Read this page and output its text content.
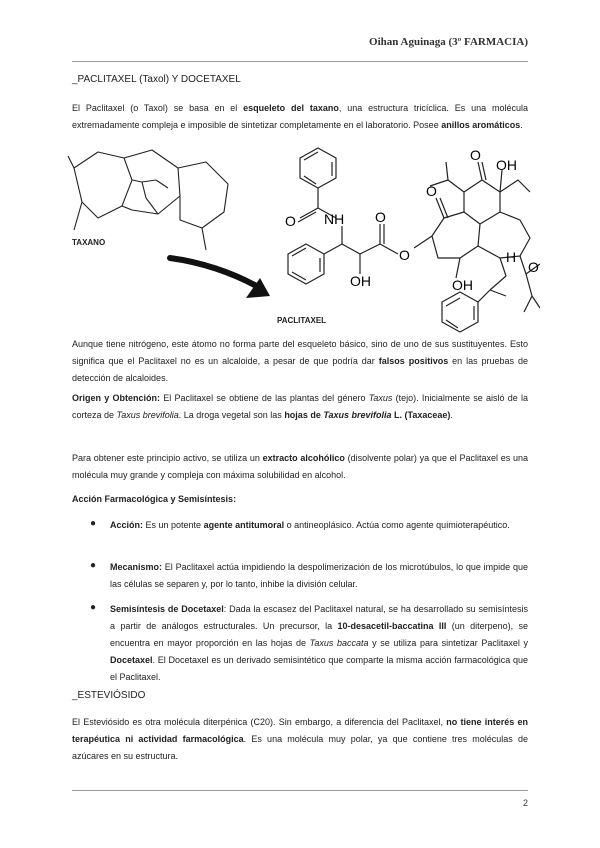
Oihan Aguinaga (3º FARMACIA)
_PACLITAXEL (Taxol) Y DOCETAXEL

El Paclitaxel (o Taxol) se basa en el esqueleto del taxano, una estructura tricíclica. Es una molécula extremadamente compleja e imposible de sintetizar completamente en el laboratorio. Posee anillos aromáticos.

NH
O	O
O
OH
O
O
OH
OH
H
O
TAXANO
PACLITAXEL

Aunque tiene nitrógeno, este átomo no forma parte del esqueleto básico, sino de uno de sus sustituyentes. Esto significa que el Paclitaxel no es un alcaloide, a pesar de que podría dar falsos positivos en las pruebas de detección de alcaloides.

Origen y Obtención: El Paclitaxel se obtiene de las plantas del género Taxus (tejo). Inicialmente se aisló de la corteza de Taxus brevifolia. La droga vegetal son las hojas de Taxus brevifolia L. (Taxaceae).

Para obtener este principio activo, se utiliza un extracto alcohólico (disolvente polar) ya que el Paclitaxel es una molécula muy grande y compleja con máxima solubilidad en alcohol.

Acción Farmacológica y Semisíntesis:
● Acción: Es un potente agente antitumoral o antineoplásico. Actúa como agente quimioterapéutico.

● Mecanismo: El Paclitaxel actúa impidiendo la despolimerización de los microtúbulos, lo que impide que las células se separen y, por lo tanto, inhibe la división celular.

● Semisíntesis de Docetaxel: Dada la escasez del Paclitaxel natural, se ha desarrollado su semisíntesis a partir de análogos estructurales. Un precursor, la 10-desacetil-baccatina III (un diterpeno), se encuentra en mayor proporción en las hojas de Taxus baccata y se utiliza para sintetizar Paclitaxel y Docetaxel. El Docetaxel es un derivado semisintético que comparte la misma acción farmacológica que el Paclitaxel.

_ESTEVIÓSIDO

El Esteviósido es otra molécula diterpénica (C20). Sin embargo, a diferencia del Paclitaxel, no tiene interés en terapéutica ni actividad farmacológica. Es una molécula muy polar, ya que contiene tres moléculas de azúcares en su estructura.

2
